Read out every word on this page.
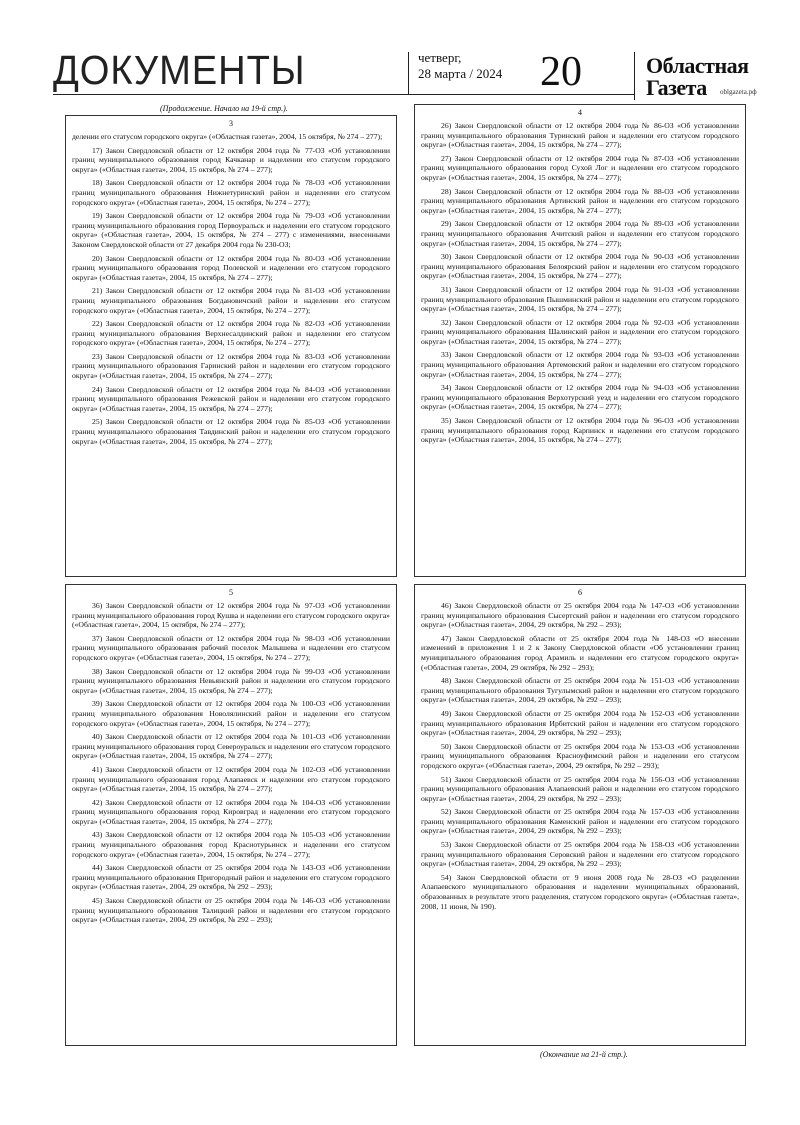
ДОКУМЕНТЫ	четверг,
28 марта / 2024 20	Областная
Газета oblgazeta.рф
(Продолжение. Начало на 19-й стр.).
3

делении его статусом городского округа» («Областная газета», 2004, 15 октября, № 274 – 277);

17) Закон Свердловской области от 12 октября 2004 года № 77-ОЗ «Об установлении границ муниципального образования город Качканар и наделении его статусом городского округа» («Областная газета», 2004, 15 октября, № 274 – 277);

18) Закон Свердловской области от 12 октября 2004 года № 78-ОЗ «Об установлении границ муниципального образования Нижнетуринский район и наделении его статусом городского округа» («Областная газета», 2004, 15 октября, № 274 – 277);

19) Закон Свердловской области от 12 октября 2004 года № 79-ОЗ «Об установлении границ муниципального образования город Первоуральск и наделении его статусом городского округа» («Областная газета», 2004, 15 октября, № 274 – 277) с изменениями, внесенными Законом Свердловской области от 27 декабря 2004 года № 230-ОЗ;

20) Закон Свердловской области от 12 октября 2004 года № 80-ОЗ «Об установлении границ муниципального образования город Полевской и наделении его статусом городского округа» («Областная газета», 2004, 15 октября, № 274 – 277);

21) Закон Свердловской области от 12 октября 2004 года № 81-ОЗ «Об установлении границ муниципального образования Богдановичский район и наделении его статусом городского округа» («Областная газета», 2004, 15 октября, № 274 – 277);

22) Закон Свердловской области от 12 октября 2004 года № 82-ОЗ «Об установлении границ муниципального образования Верхнесалдинский район и наделении его статусом городского округа» («Областная газета», 2004, 15 октября, № 274 – 277);

23) Закон Свердловской области от 12 октября 2004 года № 83-ОЗ «Об установлении границ муниципального образования Гаринский район и наделении его статусом городского округа» («Областная газета», 2004, 15 октября, № 274 – 277);

24) Закон Свердловской области от 12 октября 2004 года № 84-ОЗ «Об установлении границ муниципального образования Режевской район и наделении его статусом городского округа» («Областная газета», 2004, 15 октября, № 274 – 277);

25) Закон Свердловской области от 12 октября 2004 года № 85-ОЗ «Об установлении границ муниципального образования Тавдинский район и наделении его статусом городского округа» («Областная газета», 2004, 15 октября, № 274 – 277);

4

26) Закон Свердловской области от 12 октября 2004 года № 86-ОЗ «Об установлении границ муниципального образования Туринский район и наделении его статусом городского округа» («Областная газета», 2004, 15 октября, № 274 – 277);

27) Закон Свердловской области от 12 октября 2004 года № 87-ОЗ «Об установлении границ муниципального образования город Сухой Лог и наделении его статусом городского округа» («Областная газета», 2004, 15 октября, № 274 – 277);

28) Закон Свердловской области от 12 октября 2004 года № 88-ОЗ «Об установлении границ муниципального образования Артинский район и наделении его статусом городского округа» («Областная газета», 2004, 15 октября, № 274 – 277);

29) Закон Свердловской области от 12 октября 2004 года № 89-ОЗ «Об установлении границ муниципального образования Ачитский район и наделении его статусом городского округа» («Областная газета», 2004, 15 октября, № 274 – 277);

30) Закон Свердловской области от 12 октября 2004 года № 90-ОЗ «Об установлении границ муниципального образования Белоярский район и наделении его статусом городского округа» («Областная газета», 2004, 15 октября, № 274 – 277);

31) Закон Свердловской области от 12 октября 2004 года № 91-ОЗ «Об установлении границ муниципального образования Пышминский район и наделении его статусом городского округа» («Областная газета», 2004, 15 октября, № 274 – 277);

32) Закон Свердловской области от 12 октября 2004 года № 92-ОЗ «Об установлении границ муниципального образования Шалинский район и наделении его статусом городского округа» («Областная газета», 2004, 15 октября, № 274 – 277);

33) Закон Свердловской области от 12 октября 2004 года № 93-ОЗ «Об установлении границ муниципального образования Артемовский район и наделении его статусом городского округа» («Областная газета», 2004, 15 октября, № 274 – 277);

34) Закон Свердловской области от 12 октября 2004 года № 94-ОЗ «Об установлении границ муниципального образования Верхотурский уезд и наделении его статусом городского округа» («Областная газета», 2004, 15 октября, № 274 – 277);

35) Закон Свердловской области от 12 октября 2004 года № 96-ОЗ «Об установлении границ муниципального образования город Карпинск и наделении его статусом городского округа» («Областная газета», 2004, 15 октября, № 274 – 277);

5

36) Закон Свердловской области от 12 октября 2004 года № 97-ОЗ «Об установлении границ муниципального образования город Кушва и наделении его статусом городского округа» («Областная газета», 2004, 15 октября, № 274 – 277);

37) Закон Свердловской области от 12 октября 2004 года № 98-ОЗ «Об установлении границ муниципального образования рабочий поселок Малышева и наделении его статусом городского округа» («Областная газета», 2004, 15 октября, № 274 – 277);

38) Закон Свердловской области от 12 октября 2004 года № 99-ОЗ «Об установлении границ муниципального образования Невьянский район и наделении его статусом городского округа» («Областная газета», 2004, 15 октября, № 274 – 277);

39) Закон Свердловской области от 12 октября 2004 года № 100-ОЗ «Об установлении границ муниципального образования Новолялинский район и наделении его статусом городского округа» («Областная газета», 2004, 15 октября, № 274 – 277);

40) Закон Свердловской области от 12 октября 2004 года № 101-ОЗ «Об установлении границ муниципального образования город Североуральск и наделении его статусом городского округа» («Областная газета», 2004, 15 октября, № 274 – 277);

41) Закон Свердловской области от 12 октября 2004 года № 102-ОЗ «Об установлении границ муниципального образования город Алапаевск и наделении его статусом городского округа» («Областная газета», 2004, 15 октября, № 274 – 277);

42) Закон Свердловской области от 12 октября 2004 года № 104-ОЗ «Об установлении границ муниципального образования город Кировград и наделении его статусом городского округа» («Областная газета», 2004, 15 октября, № 274 – 277);

43) Закон Свердловской области от 12 октября 2004 года № 105-ОЗ «Об установлении границ муниципального образования город Краснотурьинск и наделении его статусом городского округа» («Областная газета», 2004, 15 октября, № 274 – 277);

44) Закон Свердловской области от 25 октября 2004 года № 143-ОЗ «Об установлении границ муниципального образования Пригородный район и наделении его статусом городского округа» («Областная газета», 2004, 29 октября, № 292 – 293);

45) Закон Свердловской области от 25 октября 2004 года № 146-ОЗ «Об установлении границ муниципального образования Талицкий район и наделении его статусом городского округа» («Областная газета», 2004, 29 октября, № 292 – 293);

6

46) Закон Свердловской области от 25 октября 2004 года № 147-ОЗ «Об установлении границ муниципального образования Сысертский район и наделении его статусом городского округа» («Областная газета», 2004, 29 октября, № 292 – 293);

47) Закон Свердловской области от 25 октября 2004 года № 148-ОЗ «О внесении изменений в приложения 1 и 2 к Закону Свердловской области «Об установлении границ муниципального образования город Арамиль и наделении его статусом городского округа» («Областная газета», 2004, 29 октября, № 292 – 293);

48) Закон Свердловской области от 25 октября 2004 года № 151-ОЗ «Об установлении границ муниципального образования Тугулымский район и наделении его статусом городского округа» («Областная газета», 2004, 29 октября, № 292 – 293);

49) Закон Свердловской области от 25 октября 2004 года № 152-ОЗ «Об установлении границ муниципального образования Ирбитский район и наделении его статусом городского округа» («Областная газета», 2004, 29 октября, № 292 – 293);

50) Закон Свердловской области от 25 октября 2004 года № 153-ОЗ «Об установлении границ муниципального образования Красноуфимский район и наделении его статусом городского округа» («Областная газета», 2004, 29 октября, № 292 – 293);

51) Закон Свердловской области от 25 октября 2004 года № 156-ОЗ «Об установлении границ муниципального образования Алапаевский район и наделении его статусом городского округа» («Областная газета», 2004, 29 октября, № 292 – 293);

52) Закон Свердловской области от 25 октября 2004 года № 157-ОЗ «Об установлении границ муниципального образования Каменский район и наделении его статусом городского округа» («Областная газета», 2004, 29 октября, № 292 – 293);

53) Закон Свердловской области от 25 октября 2004 года № 158-ОЗ «Об установлении границ муниципального образования Серовский район и наделении его статусом городского округа» («Областная газета», 2004, 29 октября, № 292 – 293);

54) Закон Свердловской области от 9 июня 2008 года № 28-ОЗ «О разделении Алапаевского муниципального образования и наделении муниципальных образований, образованных в результате этого разделения, статусом городского округа» («Областная газета», 2008, 11 июня, № 190).

(Окончание на 21-й стр.).
